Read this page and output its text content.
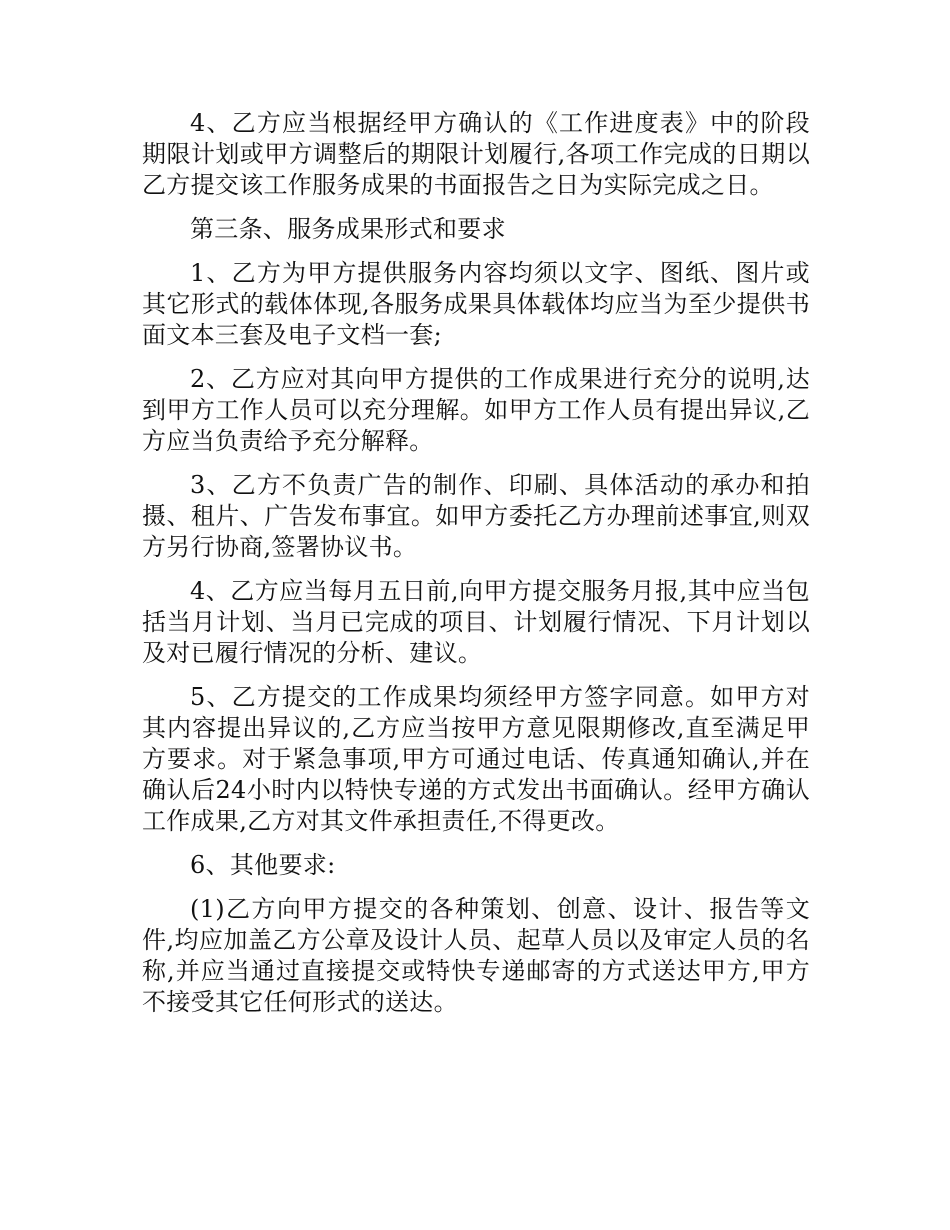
4、乙方应当根据经甲方确认的《工作进度表》中的阶段期限计划或甲方调整后的期限计划履行,各项工作完成的日期以乙方提交该工作服务成果的书面报告之日为实际完成之日。

第三条、服务成果形式和要求

1、乙方为甲方提供服务内容均须以文字、图纸、图片或其它形式的载体体现,各服务成果具体载体均应当为至少提供书面文本三套及电子文档一套;

2、乙方应对其向甲方提供的工作成果进行充分的说明,达到甲方工作人员可以充分理解。如甲方工作人员有提出异议,乙方应当负责给予充分解释。

3、乙方不负责广告的制作、印刷、具体活动的承办和拍摄、租片、广告发布事宜。如甲方委托乙方办理前述事宜,则双方另行协商,签署协议书。

4、乙方应当每月五日前,向甲方提交服务月报,其中应当包括当月计划、当月已完成的项目、计划履行情况、下月计划以及对已履行情况的分析、建议。

5、乙方提交的工作成果均须经甲方签字同意。如甲方对其内容提出异议的,乙方应当按甲方意见限期修改,直至满足甲方要求。对于紧急事项,甲方可通过电话、传真通知确认,并在确认后24小时内以特快专递的方式发出书面确认。经甲方确认工作成果,乙方对其文件承担责任,不得更改。

6、其他要求:

(1)乙方向甲方提交的各种策划、创意、设计、报告等文件,均应加盖乙方公章及设计人员、起草人员以及审定人员的名称,并应当通过直接提交或特快专递邮寄的方式送达甲方,甲方不接受其它任何形式的送达。
